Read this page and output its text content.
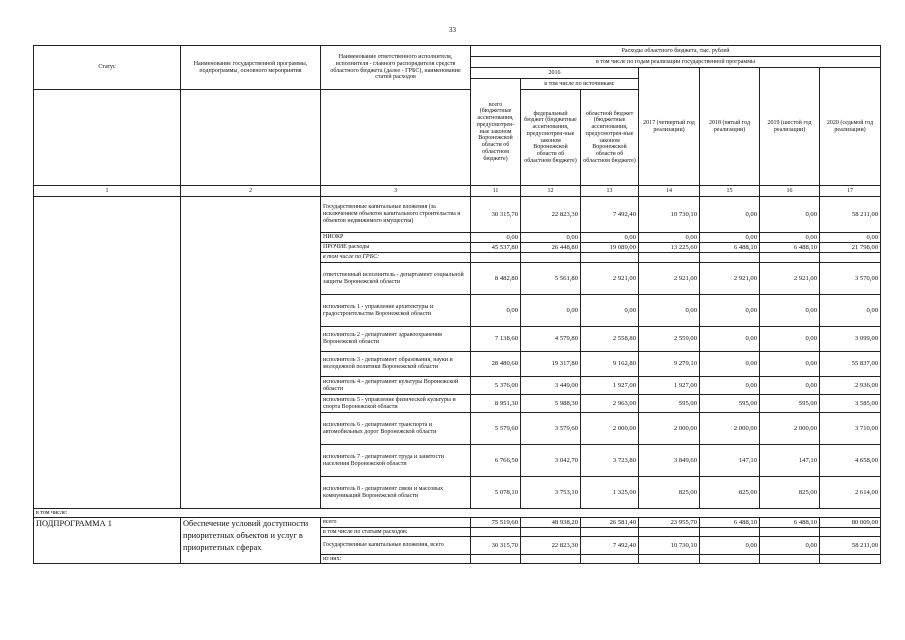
33
Статус	Наименование государственной программы, подпрограммы, основного мероприятия	Наименование ответственного исполнителя, исполнителя - главного распорядителя средств областного бюджета (далее - ГРБС), наименование статей расходов	Расходы областного бюджета, тыс. рублей						
			в том числе по годам реализации государственной программы						
			2016			2017 (четвертый год реализации)	2018 (пятый год реализации)	2019 (шестой год реализации)	2020 (седьмой год реализации)
			всего (бюджетные ассигнования, предусмотрен-ные законом Воронежской области об областном бюджете)	в том числе по источникам:					
				федеральный бюджет (бюджетные ассигнования, предусмотрен-ные законом Воронежской области об областном бюджете)	областной бюджет (бюджетные ассигнования, предусмотрен-ные законом Воронежской области об областном бюджете)				
1	2	3	11	12	13	14	15	16	17
		Государственные капитальные вложения (за исключением объектов капитального строительства и объектов недвижимого имущества)	30 315,70	22 823,30	7 492,40	10 730,10	0,00	0,00	58 211,00
		НИОКР	0,00	0,00	0,00	0,00	0,00	0,00	0,00
		ПРОЧИЕ расходы	45 537,80	26 448,80	19 089,00	13 225,60	6 488,10	6 488,10	21 798,00
		в том числе по ГРБС:							
		ответственный исполнитель - департамент социальной защиты Воронежской области	8 482,80	5 561,80	2 921,00	2 921,00	2 921,00	2 921,00	3 570,00
		исполнитель 1 - управление архитектуры и градостроительства Воронежской области	0,00	0,00	0,00	0,00	0,00	0,00	0,00
		исполнитель 2 - департамент здравоохранения Воронежской области	7 138,60	4 579,80	2 558,80	2 559,00	0,00	0,00	3 099,00
		исполнитель 3 - департамент образования, науки и молодежной политики Воронежской области	28 480,60	19 317,80	9 162,80	9 279,10	0,00	0,00	55 837,00
		исполнитель 4 - департамент культуры Воронежской области	5 376,00	3 449,00	1 927,00	1 927,00	0,00	0,00	2 936,00
		исполнитель 5 - управление физической культуры и спорта Воронежской области	8 951,30	5 988,30	2 963,00	595,00	595,00	595,00	3 585,00
		исполнитель 6 - департамент транспорта и автомобильных дорог Воронежской области	5 579,60	3 579,60	2 000,00	2 000,00	2 000,00	2 000,00	3 710,00
		исполнитель 7 - департамент труда и занятости населения Воронежской области	6 766,50	3 042,70	3 723,80	3 849,60	147,10	147,10	4 658,00
		исполнитель 8 - департамент связи и массовых коммуникаций Воронежской области	5 078,10	3 753,10	1 325,00	825,00	825,00	825,00	2 614,00
в том числе:									
ПОДПРОГРАММА 1	Обеспечение условий доступности приоритетных объектов и услуг в приоритетных сферах	всего	75 519,60	48 938,20	26 581,40	23 955,70	6 488,10	6 488,10	80 009,00
		в том числе по статьям расходов:							
		Государственные капитальные вложения, всего	30 315,70	22 823,30	7 492,40	10 730,10	0,00	0,00	58 211,00
		из них:							
